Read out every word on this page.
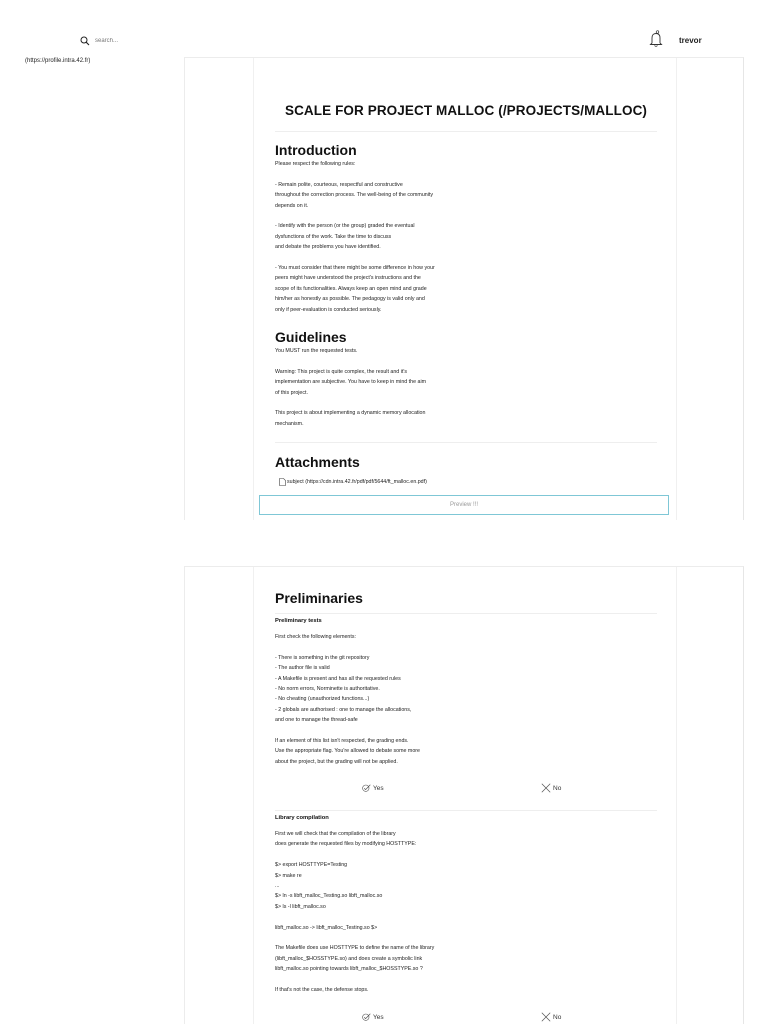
search...
trevor
(https://profile.intra.42.fr)
SCALE FOR PROJECT MALLOC (/PROJECTS/MALLOC)
Introduction
Please respect the following rules:

- Remain polite, courteous, respectful and constructive
throughout the correction process. The well-being of the community
depends on it.

- Identify with the person (or the group) graded the eventual
dysfunctions of the work. Take the time to discuss
and debate the problems you have identified.

- You must consider that there might be some difference in how your
peers might have understood the project's instructions and the
scope of its functionalities. Always keep an open mind and grade
him/her as honestly as possible. The pedagogy is valid only and
only if peer-evaluation is conducted seriously.
Guidelines
You MUST run the requested tests.

Warning: This project is quite complex, the result and it's
implementation are subjective. You have to keep in mind the aim
of this project.

This project is about implementing a dynamic memory allocation
mechanism.
Attachments
subject (https://cdn.intra.42.fr/pdf/pdf/5644/ft_malloc.en.pdf)
Preview !!!
Preliminaries
Preliminary tests
First check the following elements:

- There is something in the git repository
- The author file is valid
- A Makefile is present and has all the requested rules
- No norm errors, Norminette is authoritative.
- No cheating (unauthorized functions...)
- 2 globals are authorised : one to manage the allocations,
and one to manage the thread-safe

If an element of this list isn't respected, the grading ends.
Use the appropriate flag. You're allowed to debate some more
about the project, but the grading will not be applied.
Yes	No
Library compilation
First we will check that the compilation of the library
does generate the requested files by modifying HOSTTYPE:

$> export HOSTTYPE=Testing
$> make re
...
$> ln -s libft_malloc_Testing.so libft_malloc.so
$> ls -l libft_malloc.so

libft_malloc.so -> libft_malloc_Testing.so $>

The Makefile does use HOSTTYPE to define the name of the library
(libft_malloc_$HOSSTYPE.so) and does create a symbolic link
libft_malloc.so pointing towards libft_malloc_$HOSSTYPE.so ?

If that's not the case, the defense stops.
Yes	No
